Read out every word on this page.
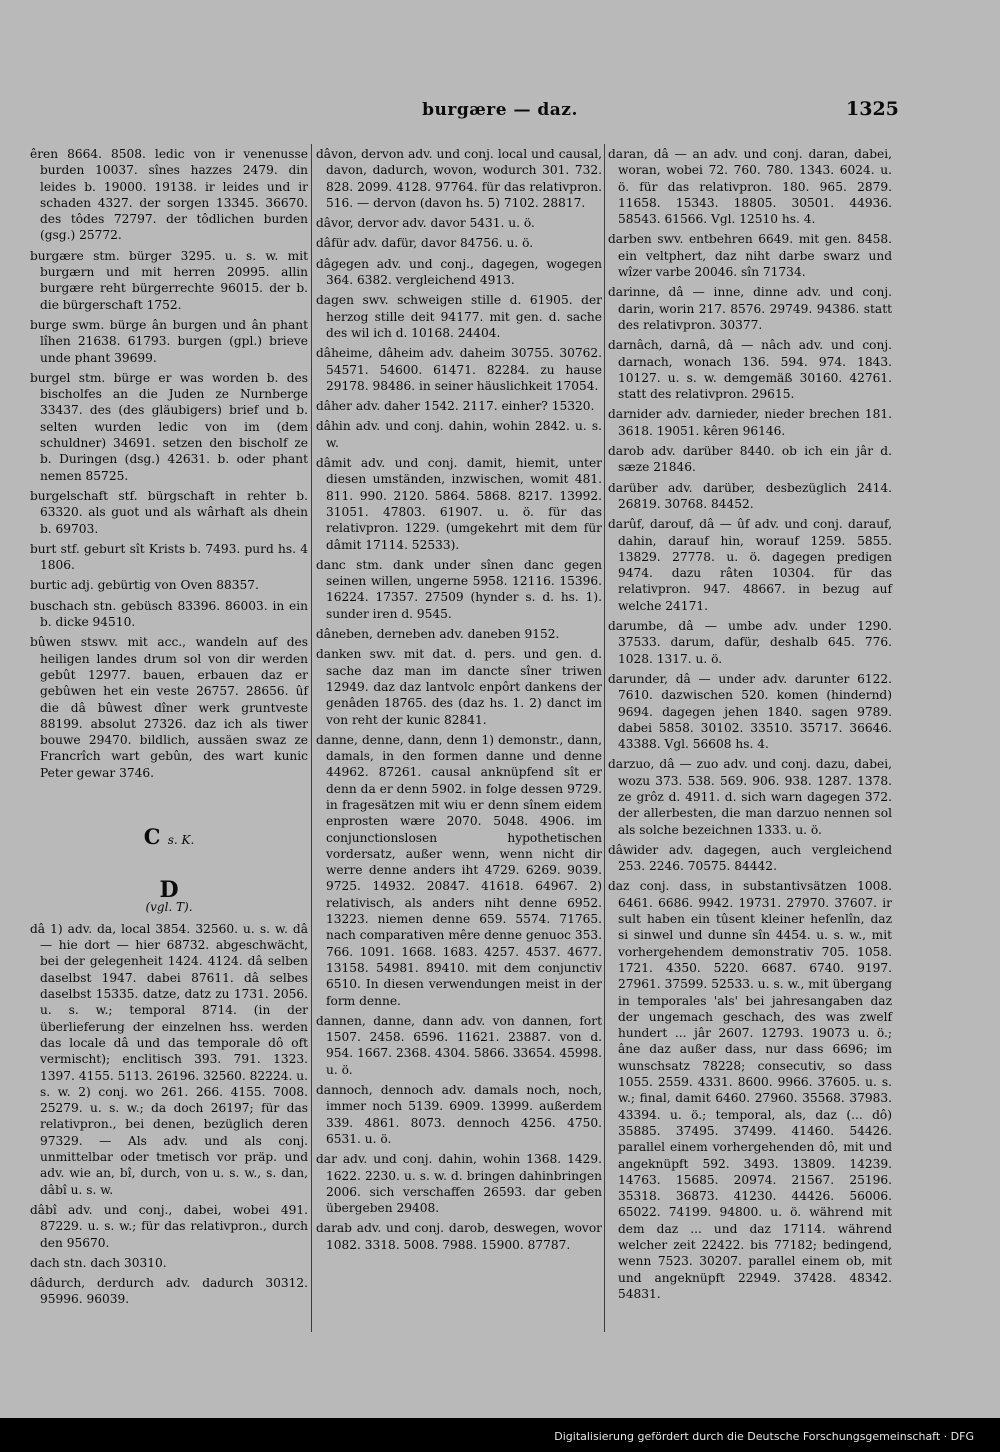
burgære — daz.	1325

êren 8664. 8508. ledic von ir venenusse burden 10037. sînes hazzes 2479. din leides b. 19000. 19138. ir leides und ir schaden 4327. der sorgen 13345. 36670. des tôdes 72797. der tôdlichen burden (gsg.) 25772.

burgære stm. bürger 3295. u. s. w. mit burgærn und mit herren 20995. allin burgære reht bürgerrechte 96015. der b. die bürgerschaft 1752.

burge swm. bürge ân burgen und ân phant lîhen 21638. 61793. burgen (gpl.) brieve unde phant 39699.

burgel stm. bürge er was worden b. des bischolfes an die Juden ze Nurnberge 33437. des (des gläubigers) brief und b. selten wurden ledic von im (dem schuldner) 34691. setzen den bischolf ze b. Duringen (dsg.) 42631. b. oder phant nemen 85725.

burgelschaft stf. bürgschaft in rehter b. 63320. als guot und als wârhaft als dhein b. 69703.

burt stf. geburt sît Krists b. 7493. purd hs. 4 1806.

burtic adj. gebürtig von Oven 88357.

buschach stn. gebüsch 83396. 86003. in ein b. dicke 94510.

bûwen stswv. mit acc., wandeln auf des heiligen landes drum sol von dir werden gebût 12977. bauen, erbauen daz er gebûwen het ein veste 26757. 28656. ûf die dâ bûwest dîner werk gruntveste 88199. absolut 27326. daz ich als tiwer bouwe 29470. bildlich, aussäen swaz ze Francrîch wart gebûn, des wart kunic Peter gewar 3746.

C s. K.
D
(vgl. T).

dâ 1) adv. da, local 3854. 32560. u. s. w. dâ — hie dort — hier 68732. abgeschwächt, bei der gelegenheit 1424. 4124. dâ selben daselbst 1947. dabei 87611. dâ selbes daselbst 15335. datze, datz zu 1731. 2056. u. s. w.; temporal 8714. (in der überlieferung der einzelnen hss. werden das locale dâ und das temporale dô oft vermischt); enclitisch 393. 791. 1323. 1397. 4155. 5113. 26196. 32560. 82224. u. s. w. 2) conj. wo 261. 266. 4155. 7008. 25279. u. s. w.; da doch 26197; für das relativpron., bei denen, bezüglich deren 97329. — Als adv. und als conj. unmittelbar oder tmetisch vor präp. und adv. wie an, bî, durch, von u. s. w., s. dan, dâbî u. s. w.

dâbî adv. und conj., dabei, wobei 491. 87229. u. s. w.; für das relativpron., durch den 95670.

dach stn. dach 30310.

dâdurch, derdurch adv. dadurch 30312. 95996. 96039.

dâvon, dervon adv. und conj. local und causal, davon, dadurch, wovon, wodurch 301. 732. 828. 2099. 4128. 97764. für das relativpron. 516. — dervon (davon hs. 5) 7102. 28817.

dâvor, dervor adv. davor 5431. u. ö.

dâfür adv. dafür, davor 84756. u. ö.

dâgegen adv. und conj., dagegen, wogegen 364. 6382. vergleichend 4913.

dagen swv. schweigen stille d. 61905. der herzog stille deit 94177. mit gen. d. sache des wil ich d. 10168. 24404.

dâheime, dâheim adv. daheim 30755. 30762. 54571. 54600. 61471. 82284. zu hause 29178. 98486. in seiner häuslichkeit 17054.

dâher adv. daher 1542. 2117. einher? 15320.

dâhin adv. und conj. dahin, wohin 2842. u. s. w.

dâmit adv. und conj. damit, hiemit, unter diesen umständen, inzwischen, womit 481. 811. 990. 2120. 5864. 5868. 8217. 13992. 31051. 47803. 61907. u. ö. für das relativpron. 1229. (umgekehrt mit dem für dâmit 17114. 52533).

danc stm. dank under sînen danc gegen seinen willen, ungerne 5958. 12116. 15396. 16224. 17357. 27509 (hynder s. d. hs. 1). sunder iren d. 9545.

dâneben, derneben adv. daneben 9152.

danken swv. mit dat. d. pers. und gen. d. sache daz man im dancte sîner triwen 12949. daz daz lantvolc enpôrt dankens der genâden 18765. des (daz hs. 1. 2) danct im von reht der kunic 82841.

danne, denne, dann, denn 1) demonstr., dann, damals, in den formen danne und denne 44962. 87261. causal anknüpfend sît er denn da er denn 5902. in folge dessen 9729. in fragesätzen mit wiu er denn sînem eidem enprosten wære 2070. 5048. 4906. im conjunctionslosen hypothetischen vordersatz, außer wenn, wenn nicht dir werre denne anders iht 4729. 6269. 9039. 9725. 14932. 20847. 41618. 64967. 2) relativisch, als anders niht denne 6952. 13223. niemen denne 659. 5574. 71765. nach comparativen mêre denne genuoc 353. 766. 1091. 1668. 1683. 4257. 4537. 4677. 13158. 54981. 89410. mit dem conjunctiv 6510. In diesen verwendungen meist in der form denne.

dannen, danne, dann adv. von dannen, fort 1507. 2458. 6596. 11621. 23887. von d. 954. 1667. 2368. 4304. 5866. 33654. 45998. u. ö.

dannoch, dennoch adv. damals noch, noch, immer noch 5139. 6909. 13999. außerdem 339. 4861. 8073. dennoch 4256. 4750. 6531. u. ö.

dar adv. und conj. dahin, wohin 1368. 1429. 1622. 2230. u. s. w. d. bringen dahinbringen 2006. sich verschaffen 26593. dar geben übergeben 29408.

darab adv. und conj. darob, deswegen, wovor 1082. 3318. 5008. 7988. 15900. 87787.

daran, dâ — an adv. und conj. daran, dabei, woran, wobei 72. 760. 780. 1343. 6024. u. ö. für das relativpron. 180. 965. 2879. 11658. 15343. 18805. 30501. 44936. 58543. 61566. Vgl. 12510 hs. 4.

darben swv. entbehren 6649. mit gen. 8458. ein veltphert, daz niht darbe swarz und wîzer varbe 20046. sîn 71734.

darinne, dâ — inne, dinne adv. und conj. darin, worin 217. 8576. 29749. 94386. statt des relativpron. 30377.

darnâch, darnâ, dâ — nâch adv. und conj. darnach, wonach 136. 594. 974. 1843. 10127. u. s. w. demgemäß 30160. 42761. statt des relativpron. 29615.

darnider adv. darnieder, nieder brechen 181. 3618. 19051. kêren 96146.

darob adv. darüber 8440. ob ich ein jâr d. sæze 21846.

darüber adv. darüber, desbezüglich 2414. 26819. 30768. 84452.

darûf, darouf, dâ — ûf adv. und conj. darauf, dahin, darauf hin, worauf 1259. 5855. 13829. 27778. u. ö. dagegen predigen 9474. dazu râten 10304. für das relativpron. 947. 48667. in bezug auf welche 24171.

darumbe, dâ — umbe adv. under 1290. 37533. darum, dafür, deshalb 645. 776. 1028. 1317. u. ö.

darunder, dâ — under adv. darunter 6122. 7610. dazwischen 520. komen (hindernd) 9694. dagegen jehen 1840. sagen 9789. dabei 5858. 30102. 33510. 35717. 36646. 43388. Vgl. 56608 hs. 4.

darzuo, dâ — zuo adv. und conj. dazu, dabei, wozu 373. 538. 569. 906. 938. 1287. 1378. ze grôz d. 4911. d. sich warn dagegen 372. der allerbesten, die man darzuo nennen sol als solche bezeichnen 1333. u. ö.

dâwider adv. dagegen, auch vergleichend 253. 2246. 70575. 84442.

daz conj. dass, in substantivsätzen 1008. 6461. 6686. 9942. 19731. 27970. 37607. ir sult haben ein tûsent kleiner hefenlîn, daz si sinwel und dunne sîn 4454. u. s. w., mit vorhergehendem demonstrativ 705. 1058. 1721. 4350. 5220. 6687. 6740. 9197. 27961. 37599. 52533. u. s. w., mit übergang in temporales 'als' bei jahresangaben daz der ungemach geschach, des was zwelf hundert ... jâr 2607. 12793. 19073 u. ö.; âne daz außer dass, nur dass 6696; im wunschsatz 78228; consecutiv, so dass 1055. 2559. 4331. 8600. 9966. 37605. u. s. w.; final, damit 6460. 27960. 35568. 37983. 43394. u. ö.; temporal, als, daz (... dô) 35885. 37495. 37499. 41460. 54426. parallel einem vorhergehenden dô, mit und angeknüpft 592. 3493. 13809. 14239. 14763. 15685. 20974. 21567. 25196. 35318. 36873. 41230. 44426. 56006. 65022. 74199. 94800. u. ö. während mit dem daz ... und daz 17114. während welcher zeit 22422. bis 77182; bedingend, wenn 7523. 30207. parallel einem ob, mit und angeknüpft 22949. 37428. 48342. 54831.

Digitalisierung gefördert durch die Deutsche Forschungsgemeinschaft · DFG
